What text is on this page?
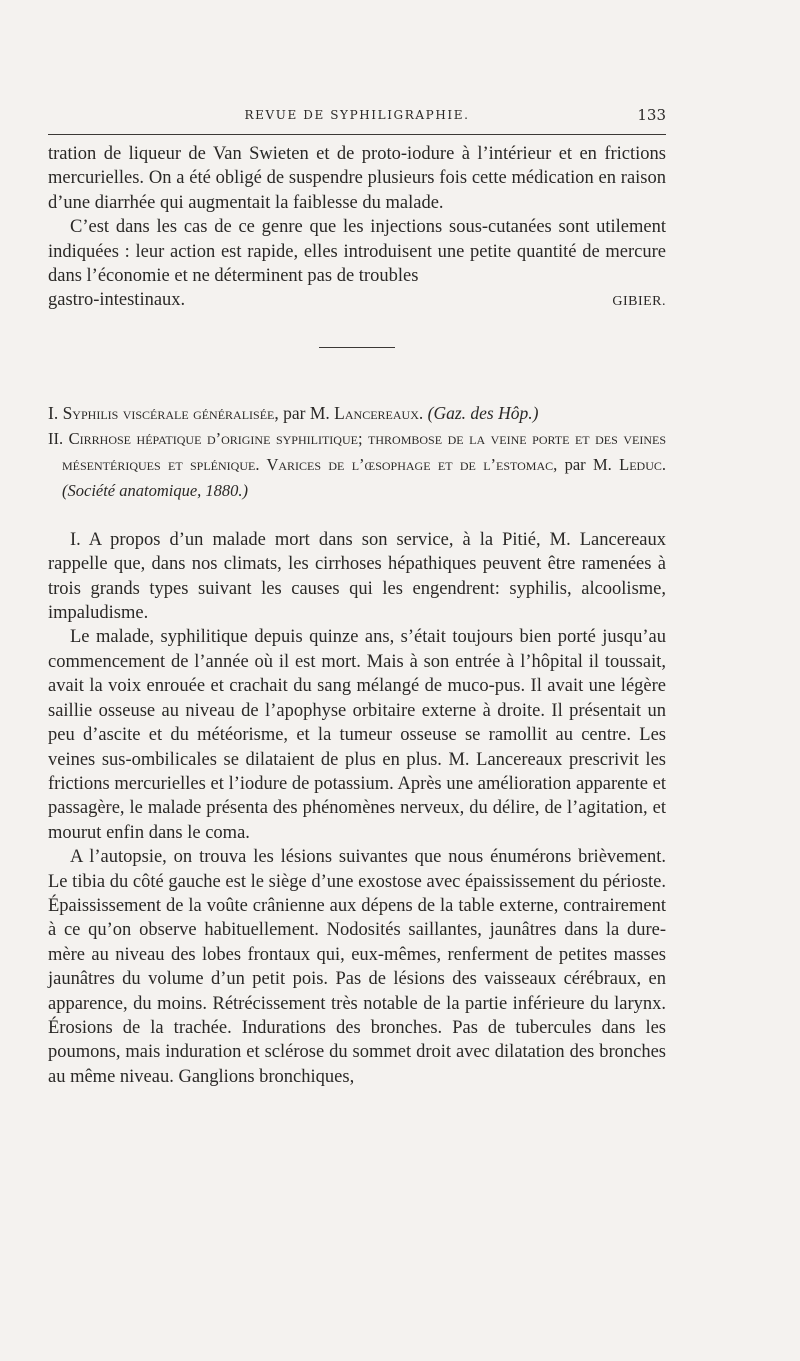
REVUE DE SYPHILIGRAPHIE.	133

tration de liqueur de Van Swieten et de proto-iodure à l’intérieur et en frictions mercurielles. On a été obligé de suspendre plusieurs fois cette médication en raison d’une diarrhée qui augmentait la faiblesse du malade.

C’est dans les cas de ce genre que les injections sous-cutanées sont utilement indiquées : leur action est rapide, elles introduisent une petite quantité de mercure dans l’économie et ne déterminent pas de troubles

gastro-intestinaux.	GIBIER.

I. Syphilis viscérale généralisée, par M. Lancereaux. (Gaz. des Hôp.)

II. Cirrhose hépatique d’origine syphilitique; thrombose de la veine porte et des veines mésentériques et splénique. Varices de l’œsophage et de l’estomac, par M. Leduc. (Société anatomique, 1880.)

I. A propos d’un malade mort dans son service, à la Pitié, M. Lancereaux rappelle que, dans nos climats, les cirrhoses hépathiques peuvent être ramenées à trois grands types suivant les causes qui les engendrent: syphilis, alcoolisme, impaludisme.

Le malade, syphilitique depuis quinze ans, s’était toujours bien porté jusqu’au commencement de l’année où il est mort. Mais à son entrée à l’hôpital il toussait, avait la voix enrouée et crachait du sang mélangé de muco-pus. Il avait une légère saillie osseuse au niveau de l’apophyse orbitaire externe à droite. Il présentait un peu d’ascite et du météorisme, et la tumeur osseuse se ramollit au centre. Les veines sus-ombilicales se dilataient de plus en plus. M. Lancereaux prescrivit les frictions mercurielles et l’iodure de potassium. Après une amélioration apparente et passagère, le malade présenta des phénomènes nerveux, du délire, de l’agitation, et mourut enfin dans le coma.

A l’autopsie, on trouva les lésions suivantes que nous énumérons brièvement. Le tibia du côté gauche est le siège d’une exostose avec épaississement du périoste. Épaississement de la voûte crânienne aux dépens de la table externe, contrairement à ce qu’on observe habituellement. Nodosités saillantes, jaunâtres dans la dure-mère au niveau des lobes frontaux qui, eux-mêmes, renferment de petites masses jaunâtres du volume d’un petit pois. Pas de lésions des vaisseaux cérébraux, en apparence, du moins. Rétrécissement très notable de la partie inférieure du larynx. Érosions de la trachée. Indurations des bronches. Pas de tubercules dans les poumons, mais induration et sclérose du sommet droit avec dilatation des bronches au même niveau. Ganglions bronchiques,
